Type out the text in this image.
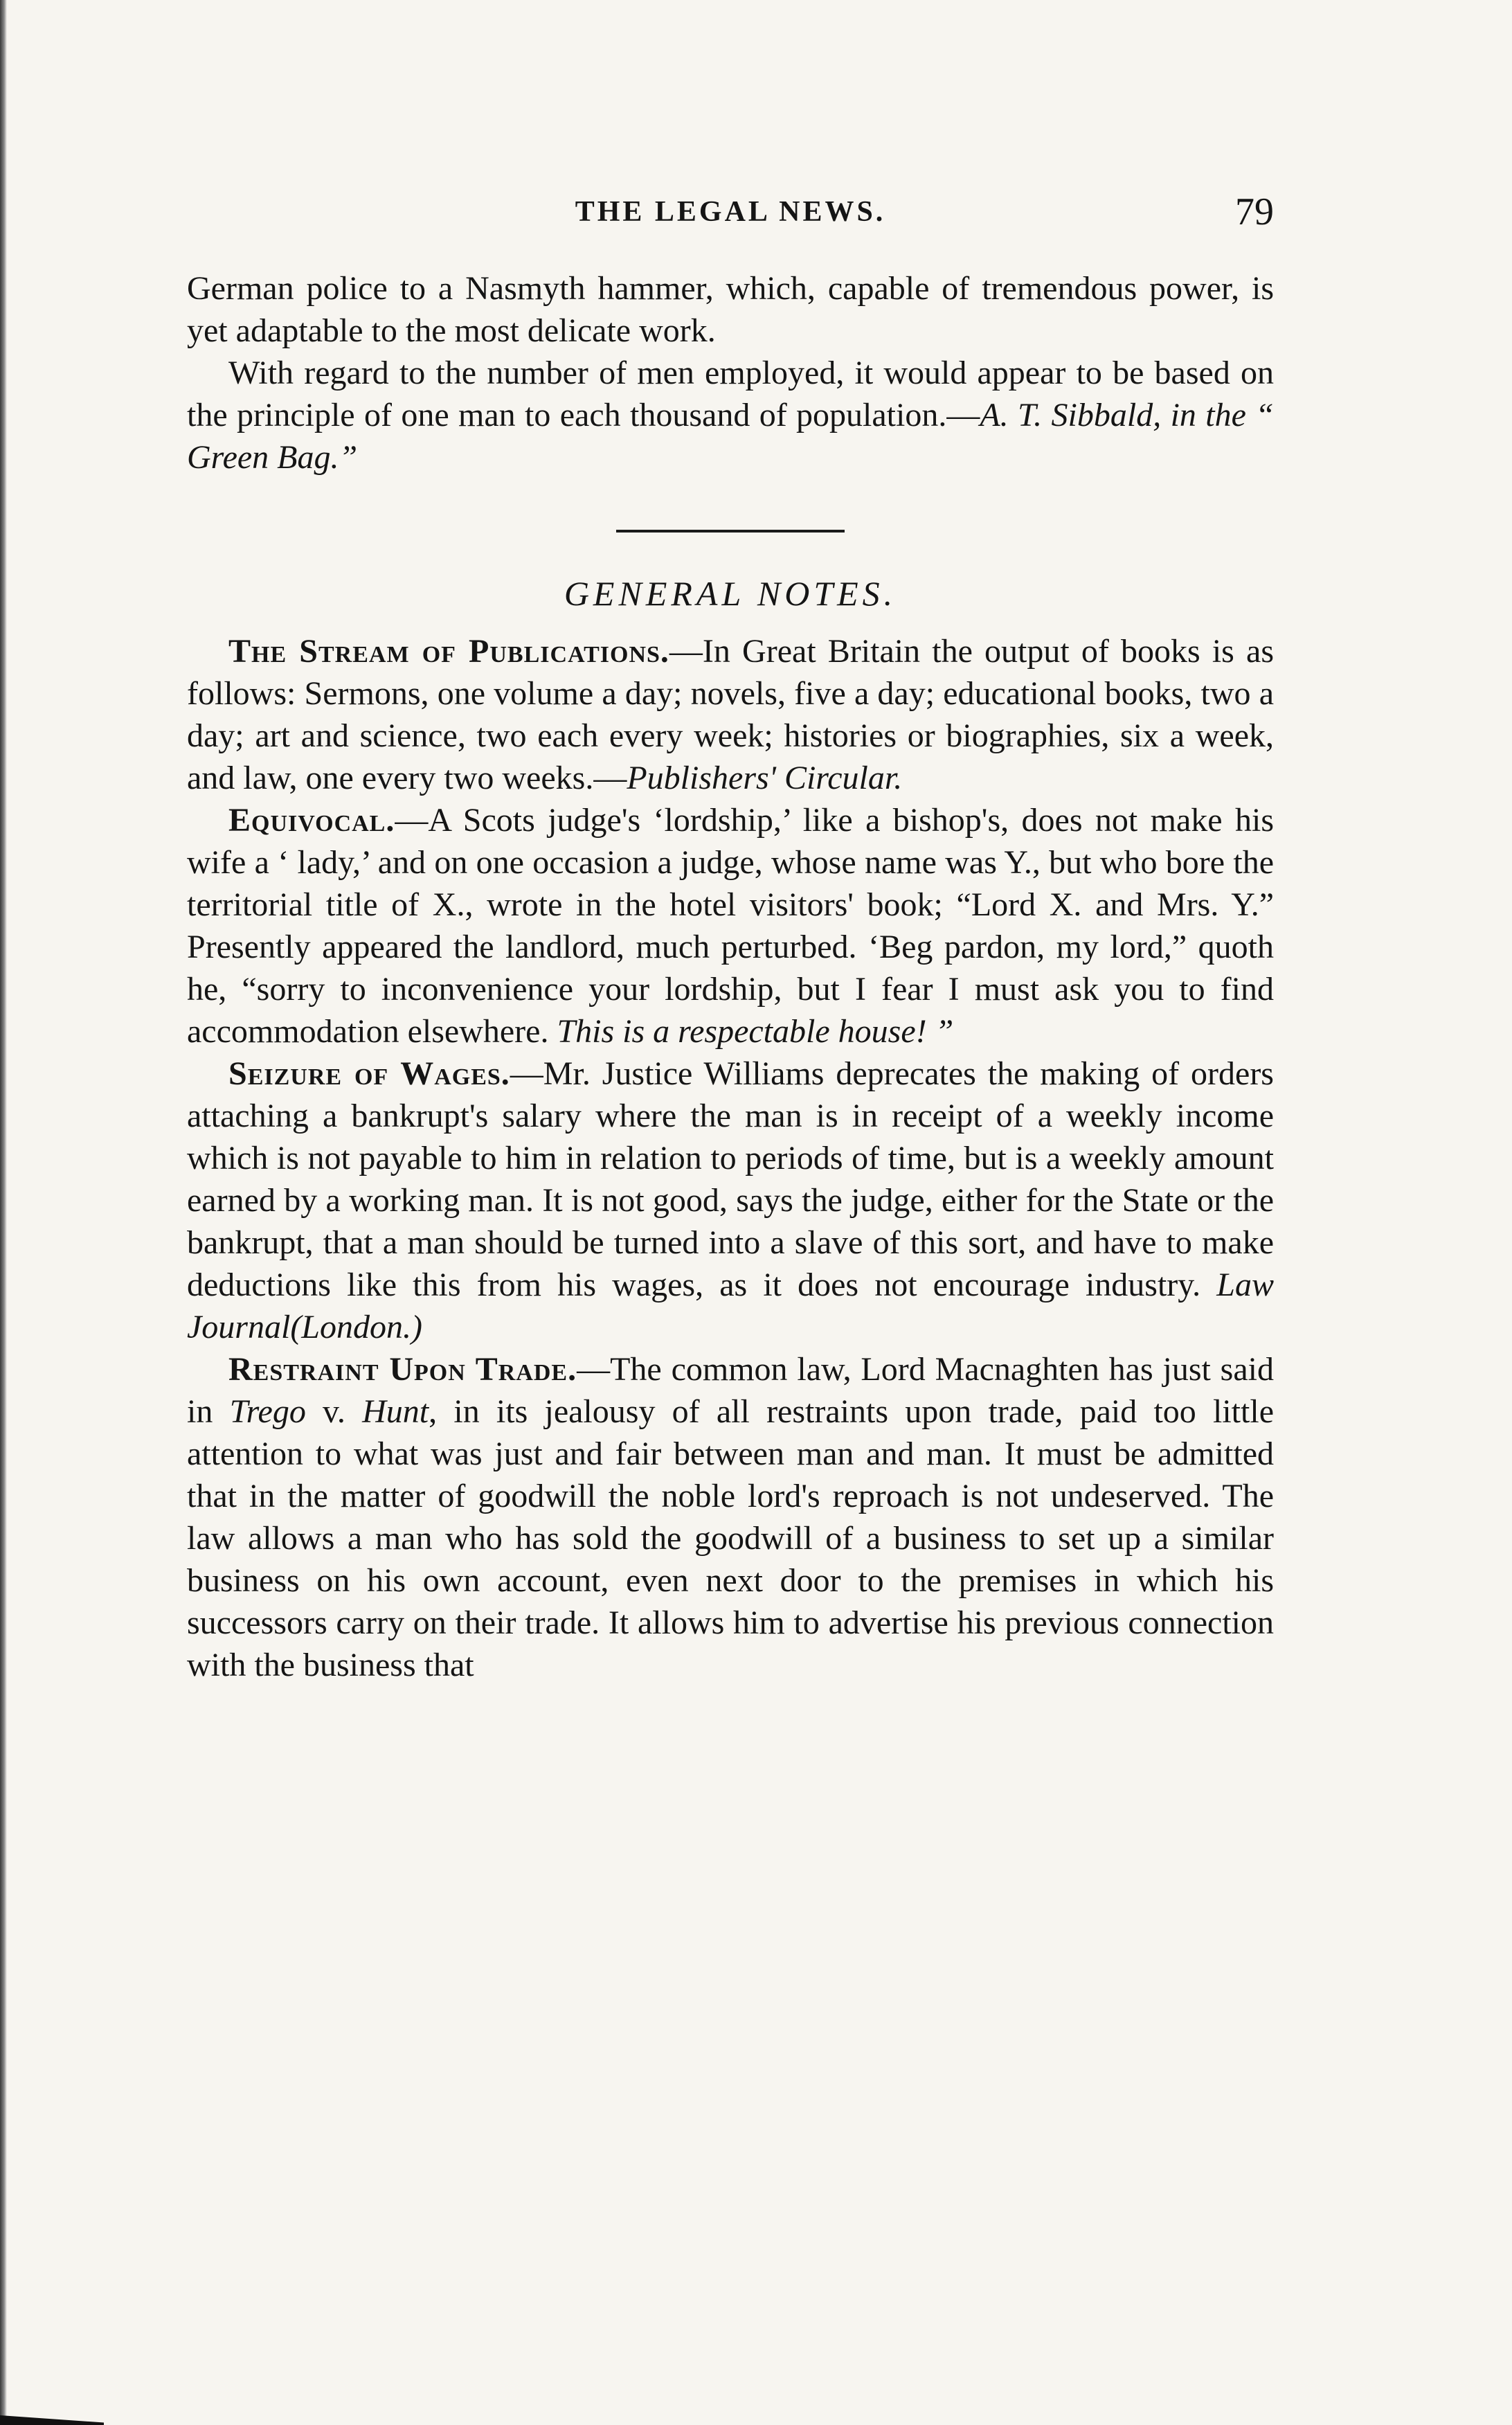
THE LEGAL NEWS.	79

German police to a Nasmyth hammer, which, capable of tremendous power, is yet adaptable to the most delicate work.

With regard to the number of men employed, it would appear to be based on the principle of one man to each thousand of population.—A. T. Sibbald, in the “ Green Bag.”

GENERAL NOTES.

The Stream of Publications.—In Great Britain the output of books is as follows: Sermons, one volume a day; novels, five a day; educational books, two a day; art and science, two each every week; histories or biographies, six a week, and law, one every two weeks.—Publishers' Circular.

Equivocal.—A Scots judge's ‘lordship,’ like a bishop's, does not make his wife a ‘ lady,’ and on one occasion a judge, whose name was Y., but who bore the territorial title of X., wrote in the hotel visitors' book; “Lord X. and Mrs. Y.” Presently appeared the landlord, much perturbed. ‘Beg pardon, my lord,” quoth he, “sorry to inconvenience your lordship, but I fear I must ask you to find accommodation elsewhere. This is a respectable house! ”

Seizure of Wages.—Mr. Justice Williams deprecates the making of orders attaching a bankrupt's salary where the man is in receipt of a weekly income which is not payable to him in relation to periods of time, but is a weekly amount earned by a working man. It is not good, says the judge, either for the State or the bankrupt, that a man should be turned into a slave of this sort, and have to make deductions like this from his wages, as it does not encourage industry. Law Journal(London.)

Restraint Upon Trade.—The common law, Lord Macnaghten has just said in Trego v. Hunt, in its jealousy of all restraints upon trade, paid too little attention to what was just and fair between man and man. It must be admitted that in the matter of goodwill the noble lord's reproach is not undeserved. The law allows a man who has sold the goodwill of a business to set up a similar business on his own account, even next door to the premises in which his successors carry on their trade. It allows him to advertise his previous connection with the business that
